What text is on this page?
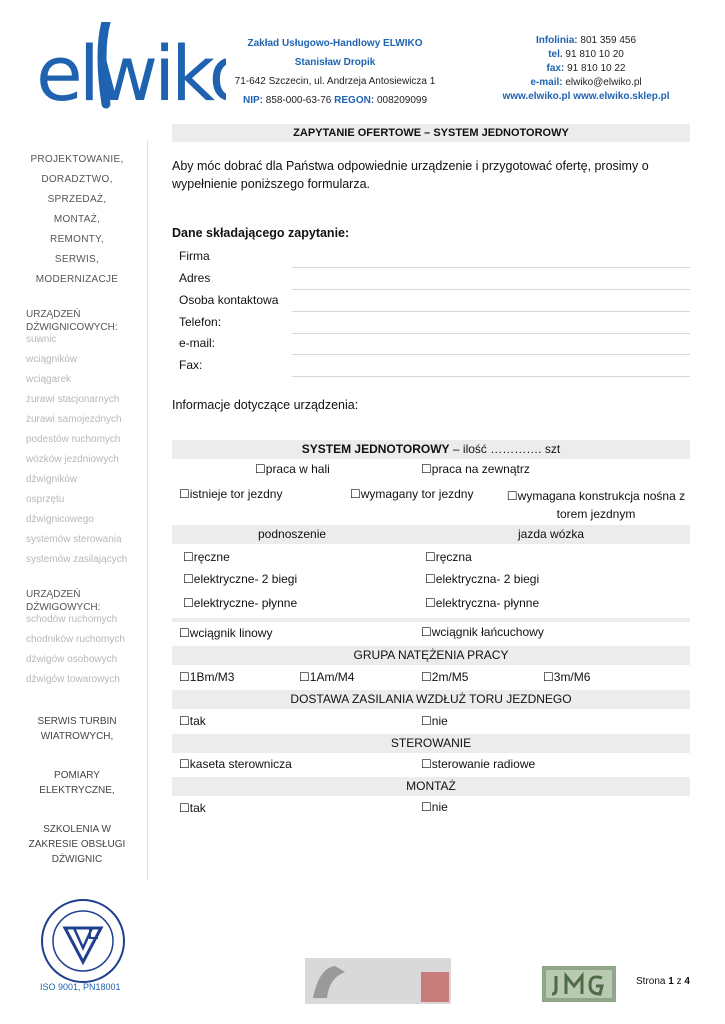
elwik	Zakład Usługowo-Handlowy ELWIKO
Stanisław Dropik
71-642 Szczecin, ul. Andrzeja Antosiewicza 1
NIP: 858-000-63-76 REGON: 008209099
Infolinia: 801 359 456
tel. 91 810 10 20
fax: 91 810 10 22
e-mail: elwiko@elwiko.pl
www.elwiko.pl www.elwiko.sklep.pl
PROJEKTOWANIE,
DORADZTWO,
SPRZEDAŻ,
MONTAŻ,
REMONTY,
SERWIS,
MODERNIZACJE
URZĄDZEŃ DŹWIGNICOWYCH:
suwnic
wciągników
wciągarek
żurawi stacjonarnych
żurawi samojezdnych
podestów ruchomych
wózków jezdniowych
dźwigników
osprzętu
dźwignicowego
systemów sterowania
systemów zasilających
URZĄDZEŃ DŹWIGOWYCH:
schodów ruchomych
chodników ruchomych
dźwigów osobowych
dźwigów towarowych
SERWIS TURBIN WIATROWYCH,
POMIARY ELEKTRYCZNE,
SZKOLENIA W ZAKRESIE OBSŁUGI DŹWIGNIC
ZAPYTANIE OFERTOWE – SYSTEM JEDNOTOROWY
Aby móc dobrać dla Państwa odpowiednie urządzenie i przygotować ofertę, prosimy o wypełnienie poniższego formularza.
Dane składającego zapytanie:
Firma
Adres
Osoba kontaktowa
Telefon:
e-mail:
Fax:
Informacje dotyczące urządzenia:
SYSTEM JEDNOTOROWY – ilość …………. szt
☐praca w hali	☐praca na zewnątrz
☐istnieje tor jezdny	☐wymagany tor jezdny	☐wymagana konstrukcja nośna z torem jezdnym
podnoszenie	jazda wózka
☐ręczne	☐ręczna
☐elektryczne- 2 biegi	☐elektryczna- 2 biegi
☐elektryczne- płynne	☐elektryczna- płynne
☐wciągnik linowy	☐wciągnik łańcuchowy
GRUPA NATĘŻENIA PRACY
☐1Bm/M3	☐1Am/M4	☐2m/M5	☐3m/M6
DOSTAWA ZASILANIA WZDŁUŻ TORU JEZDNEGO
☐tak	☐nie
STEROWANIE
☐kaseta sterownicza	☐sterowanie radiowe
MONTAŻ
☐tak	☐nie
ISO 9001, PN18001	Strona 1 z 4
